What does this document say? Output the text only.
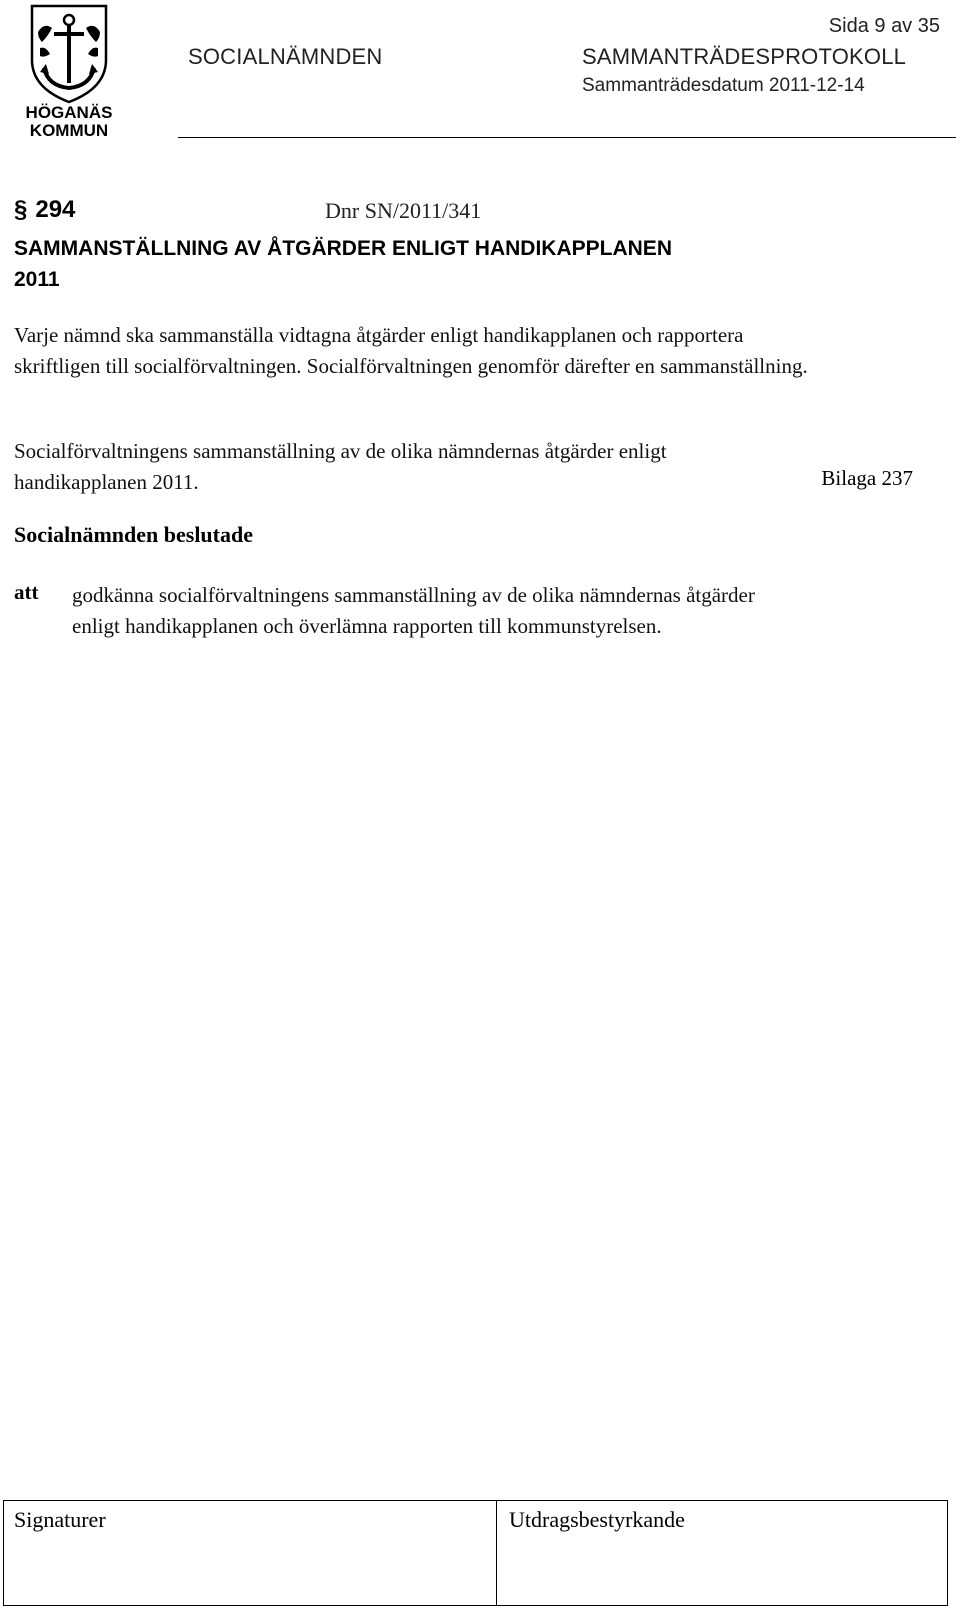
HÖGANÄS
KOMMUN
Sida 9 av 35
SOCIALNÄMNDEN	SAMMANTRÄDESPROTOKOLL
Sammanträdesdatum 2011-12-14
§ 294	Dnr SN/2011/341
SAMMANSTÄLLNING AV ÅTGÄRDER ENLIGT HANDIKAPPLANEN
2011
Varje nämnd ska sammanställa vidtagna åtgärder enligt handikapplanen och rapportera skriftligen till socialförvaltningen. Socialförvaltningen genomför därefter en sammanställning.
Socialförvaltningens sammanställning av de olika nämndernas åtgärder enligt handikapplanen 2011.	Bilaga 237
Socialnämnden beslutade
att godkänna socialförvaltningens sammanställning av de olika nämndernas åtgärder enligt handikapplanen och överlämna rapporten till kommunstyrelsen.
Signaturer	Utdragsbestyrkande
